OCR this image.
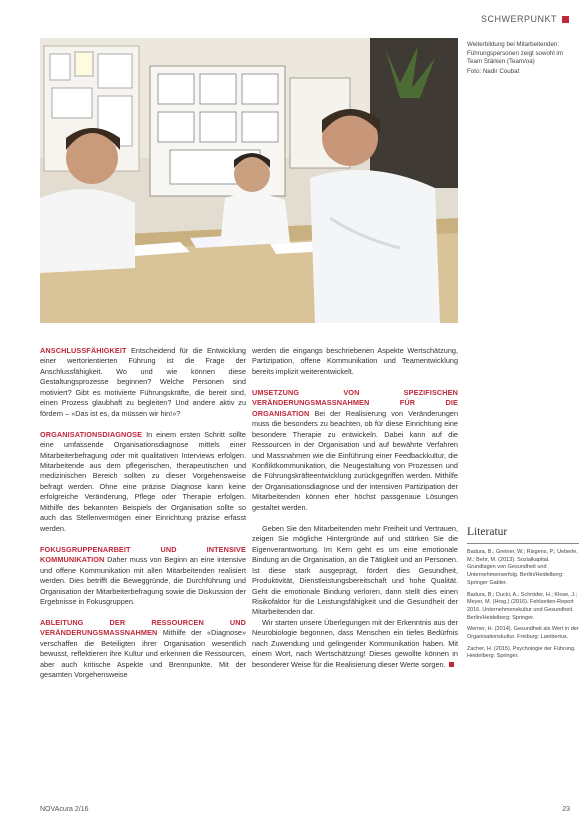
SCHWERPUNKT

Weiterbildung bei Mitarbeitenden: Führungspersonen zeigt sowohl im Team Stärken (Team/oa)

Foto: Nadir Coubat

ANSCHLUSSFÄHIGKEIT Entscheidend für die Entwicklung einer wertorientierten Führung ist die Frage der Anschlussfähigkeit. Wo und wie können diese Gestaltungsprozesse beginnen? Welche Personen sind motiviert? Gibt es motivierte Führungskräfte, die bereit sind, einen Prozess glaubhaft zu begleiten? Und andere aktiv zu fördern – «Das ist es, da müssen wir hin!»?

ORGANISATIONSDIAGNOSE In einem ersten Schritt sollte eine umfassende Organisationsdiagnose mittels einer Mitarbeiterbefragung oder mit qualitativen Interviews erfolgen. Mitarbeitende aus dem pflegerischen, therapeutischen und medizinischen Bereich sollten zu dieser Vorgehensweise befragt werden. Ohne eine präzise Diagnose kann keine erfolgreiche Veränderung, Pflege oder Therapie erfolgen. Mithilfe des bekannten Beispiels der Organisation sollte so auch das Stellenvermögen einer Einrichtung präzise erfasst werden.

FOKUSGRUPPENARBEIT UND INTENSIVE KOMMUNIKATION Daher muss von Beginn an eine intensive und offene Kommunikation mit allen Mitarbeitenden realisiert werden. Dies betrifft die Beweggründe, die Durchführung und Organisation der Mitarbeiterbefragung sowie die Diskussion der Ergebnisse in Fokusgruppen.

ABLEITUNG DER RESSOURCEN UND VERÄNDERUNGSMASSNAHMEN Mithilfe der «Diagnose» verschaffen die Beteiligten ihrer Organisation wesentlich bewusst, reflektieren ihre Kultur und erkennen die Ressourcen, aber auch kritische Aspekte und Brennpunkte. Mit der gesamten Vorgehensweise

werden die eingangs beschriebenen Aspekte Wertschätzung, Partizipation, offene Kommunikation und Teamentwicklung bereits implizit weiterentwickelt.

UMSETZUNG VON SPEZIFISCHEN VERÄNDERUNGSMASSNAHMEN FÜR DIE ORGANISATION Bei der Realisierung von Veränderungen muss die besonders zu beachten, ob für diese Einrichtung eine besondere Therapie zu entwickeln. Dabei kann auf die Ressourcen in der Organisation und auf bewährte Verfahren und Massnahmen wie die Einführung einer Feedbackkultur, die Konfliktkommunikation, die Neugestaltung von Prozessen und die Führungskräfteentwicklung zurückgegriffen werden. Mithilfe der Organisationsdiagnose und der intensiven Partizipation der Mitarbeitenden können eher höchst passgenaue Lösungen gestaltet werden.

Geben Sie den Mitarbeitenden mehr Freiheit und Vertrauen, zeigen Sie mögliche Hintergründe auf und stärken Sie die Eigenverantwortung. Im Kern geht es um eine emotionale Bindung an die Organisation, an die Tätigkeit und an Personen. Ist diese stark ausgeprägt, fördert dies Gesundheit, Produktivität, Dienstleistungsbereitschaft und hohe Qualität. Geht die emotionale Bindung verloren, dann stellt dies einen Risikofaktor für die Leistungsfähigkeit und die Gesundheit der Mitarbeitenden dar.

Wir starten unsere Überlegungen mit der Erkenntnis aus der Neurobiologie begonnen, dass Menschen ein tiefes Bedürfnis nach Zuwendung und gelingender Kommunikation haben. Mit einem Wort, nach Wertschätzung! Dieses gewollte können in besonderer Weise für die Realisierung dieser Werte sorgen.

Literatur
Badura, B.; Greiner, W.; Rixgens, P.; Ueberle, M.; Behr, M. (2013). Sozialkapital. Grundlagen von Gesundheit und Unternehmenserfolg. Berlin/Heidelberg: Springer Gabler.
Badura, B.; Ducki, A.; Schröder, H.; Klose, J.; Meyer, M. (Hrsg.) (2016). Fehlzeiten-Report 2016. Unternehmenskultur und Gesundheit. Berlin/Heidelberg: Springer.
Werner, H. (2014). Gesundheit als Wert in der Organisationskultur. Freiburg: Lambertus.
Zacher, H. (2015). Psychologie der Führung. Heidelberg: Springer.
NOVAcura 2/16	23
